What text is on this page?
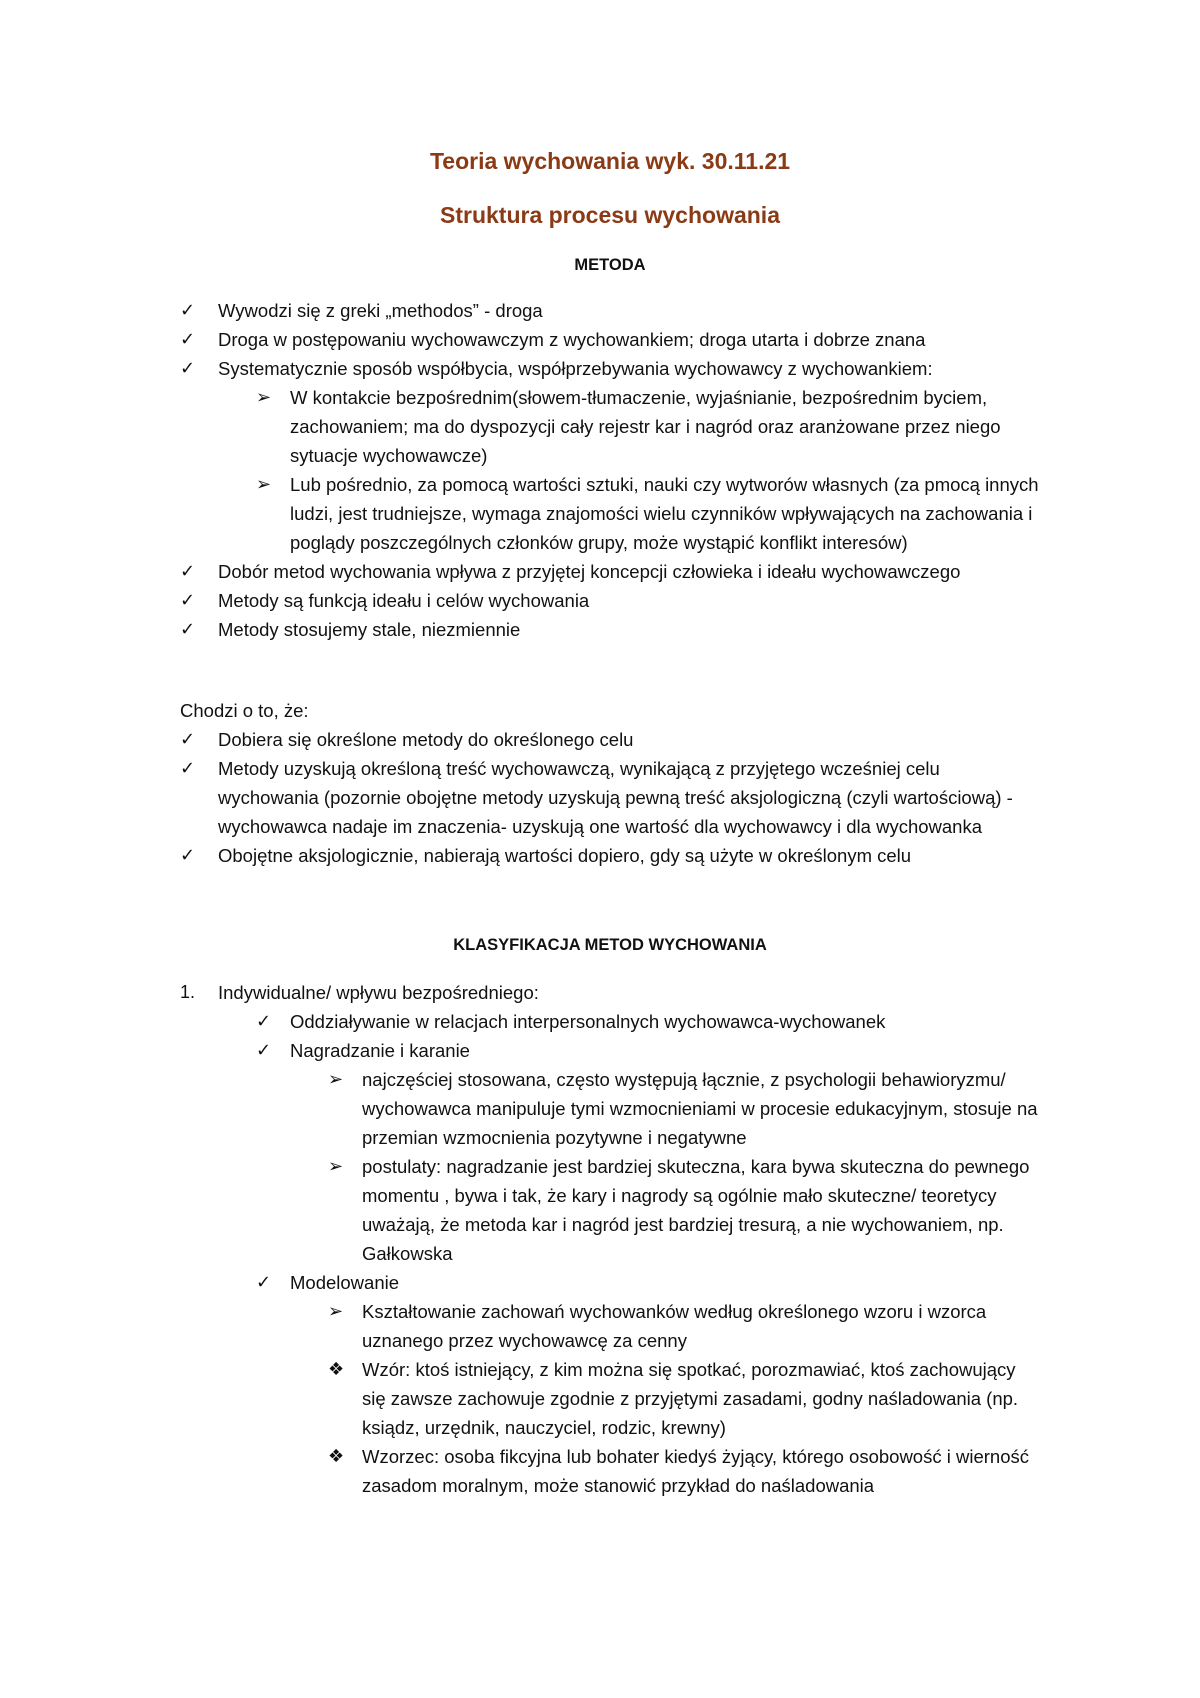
Teoria wychowania wyk. 30.11.21
Struktura procesu wychowania
METODA
✓	Wywodzi się z greki „methodos” - droga
✓	Droga w postępowaniu wychowawczym z wychowankiem; droga utarta i dobrze znana
✓	Systematycznie sposób współbycia, współprzebywania wychowawcy z wychowankiem:
➢	W kontakcie bezpośrednim(słowem-tłumaczenie, wyjaśnianie, bezpośrednim byciem, zachowaniem; ma do dyspozycji cały rejestr kar i nagród oraz aranżowane przez niego sytuacje wychowawcze)
➢	Lub pośrednio, za pomocą wartości sztuki, nauki czy wytworów własnych (za pmocą innych ludzi, jest trudniejsze, wymaga znajomości wielu czynników wpływających na zachowania i poglądy poszczególnych członków grupy, może wystąpić konflikt interesów)
✓	Dobór metod wychowania wpływa z przyjętej koncepcji człowieka i ideału wychowawczego
✓	Metody są funkcją ideału i celów wychowania
✓	Metody stosujemy stale, niezmiennie
Chodzi o to, że:
✓	Dobiera się określone metody do określonego celu
✓	Metody uzyskują określoną treść wychowawczą, wynikającą z przyjętego wcześniej celu wychowania (pozornie obojętne metody uzyskują pewną treść aksjologiczną (czyli wartościową) - wychowawca nadaje im znaczenia- uzyskują one wartość dla wychowawcy i dla wychowanka
✓	Obojętne aksjologicznie, nabierają wartości dopiero, gdy są użyte w określonym celu
KLASYFIKACJA METOD WYCHOWANIA
1.	Indywidualne/ wpływu bezpośredniego:
✓	Oddziaływanie w relacjach interpersonalnych wychowawca-wychowanek
✓	Nagradzanie i karanie
➢	najczęściej stosowana, często występują łącznie, z psychologii behawioryzmu/ wychowawca manipuluje tymi wzmocnieniami w procesie edukacyjnym, stosuje na przemian wzmocnienia pozytywne i negatywne
➢	postulaty: nagradzanie jest bardziej skuteczna, kara bywa skuteczna do pewnego momentu , bywa i tak, że kary i nagrody są ogólnie mało skuteczne/ teoretycy uważają, że metoda kar i nagród jest bardziej tresurą, a nie wychowaniem, np. Gałkowska
✓	Modelowanie
➢	Kształtowanie zachowań wychowanków według określonego wzoru i wzorca uznanego przez wychowawcę za cenny
❖ Wzór: ktoś istniejący, z kim można się spotkać, porozmawiać, ktoś zachowujący się zawsze zachowuje zgodnie z przyjętymi zasadami, godny naśladowania (np. ksiądz, urzędnik, nauczyciel, rodzic, krewny)
❖ Wzorzec: osoba fikcyjna lub bohater kiedyś żyjący, którego osobowość i wierność zasadom moralnym, może stanowić przykład do naśladowania
